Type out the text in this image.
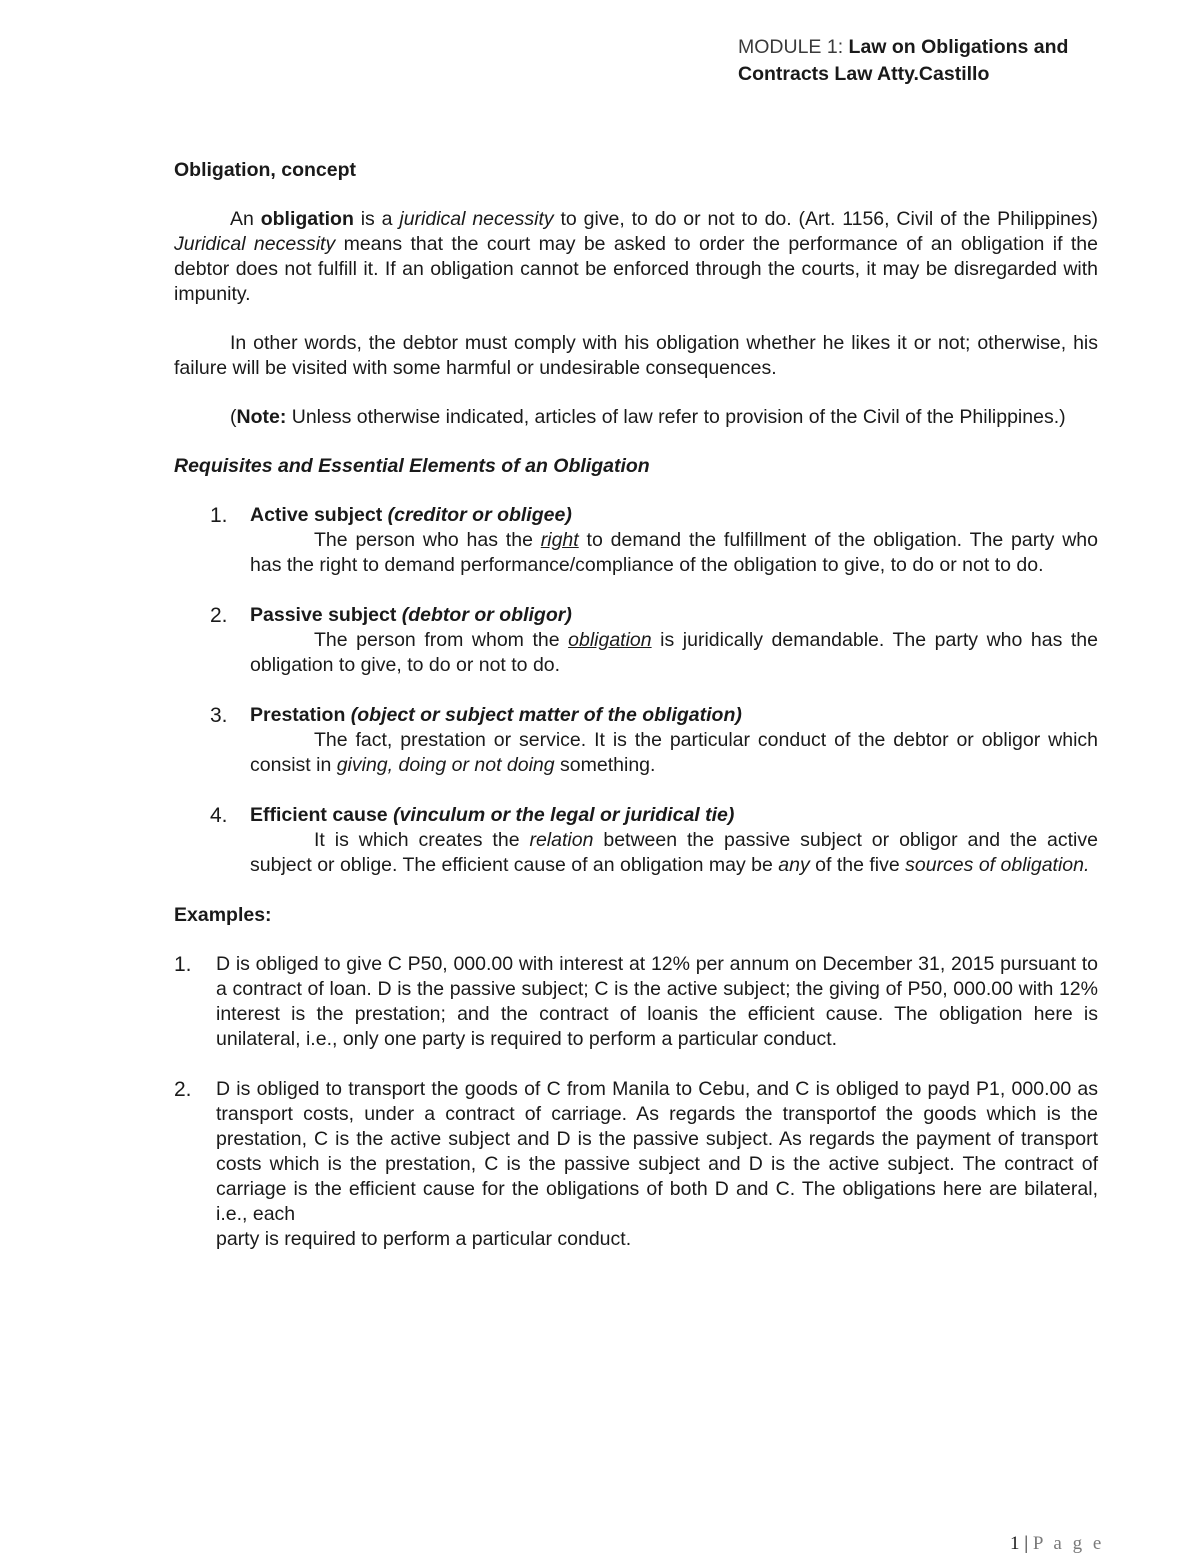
MODULE 1: Law on Obligations and
Contracts Law Atty.Castillo

Obligation, concept

An obligation is a juridical necessity to give, to do or not to do. (Art. 1156, Civil of the Philippines) Juridical necessity means that the court may be asked to order the performance of an obligation if the debtor does not fulfill it. If an obligation cannot be enforced through the courts, it may be disregarded with impunity.

In other words, the debtor must comply with his obligation whether he likes it or not; otherwise, his failure will be visited with some harmful or undesirable consequences.

(Note: Unless otherwise indicated, articles of law refer to provision of the Civil of the Philippines.)

Requisites and Essential Elements of an Obligation

1. Active subject (creditor or obligee)
The person who has the right to demand the fulfillment of the obligation. The party who has the right to demand performance/compliance of the obligation to give, to do or not to do.
2. Passive subject (debtor or obligor)
The person from whom the obligation is juridically demandable. The party who has the obligation to give, to do or not to do.
3. Prestation (object or subject matter of the obligation)
The fact, prestation or service. It is the particular conduct of the debtor or obligor which consist in giving, doing or not doing something.
4. Efficient cause (vinculum or the legal or juridical tie)
It is which creates the relation between the passive subject or obligor and the active subject or oblige. The efficient cause of an obligation may be any of the five sources of obligation.

Examples:

1. D is obliged to give C P50, 000.00 with interest at 12% per annum on December 31, 2015 pursuant to a contract of loan. D is the passive subject; C is the active subject; the giving of P50, 000.00 with 12% interest is the prestation; and the contract of loanis the efficient cause. The obligation here is unilateral, i.e., only one party is required to perform a particular conduct.
2. D is obliged to transport the goods of C from Manila to Cebu, and C is obliged to payd P1, 000.00 as transport costs, under a contract of carriage. As regards the transportof the goods which is the prestation, C is the active subject and D is the passive subject. As regards the payment of transport costs which is the prestation, C is the passive subject and D is the active subject. The contract of carriage is the efficient cause for the obligations of both D and C. The obligations here are bilateral, i.e., each
party is required to perform a particular conduct.
1 | P a g e
